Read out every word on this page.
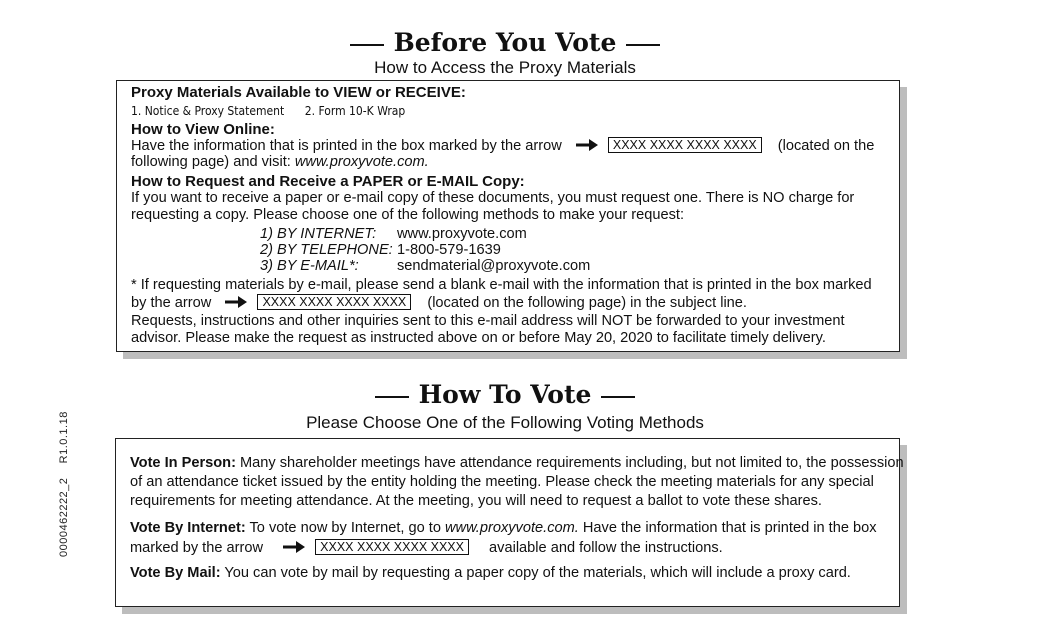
Before You Vote
How to Access the Proxy Materials
Proxy Materials Available to VIEW or RECEIVE:
1. Notice & Proxy Statement      2. Form 10-K Wrap
How to View Online:
Have the information that is printed in the box marked by the arrow	XXXX XXXX XXXX XXXX (located on the
following page) and visit: www.proxyvote.com.
How to Request and Receive a PAPER or E-MAIL Copy:
If you want to receive a paper or e-mail copy of these documents, you must request one. There is NO charge for
requesting a copy. Please choose one of the following methods to make your request:
1) BY INTERNET: www.proxyvote.com
2) BY TELEPHONE: 1-800-579-1639
3) BY E-MAIL*:	sendmaterial@proxyvote.com
* If requesting materials by e-mail, please send a blank e-mail with the information that is printed in the box marked
by the arrow	XXXX XXXX XXXX XXXX (located on the following page) in the subject line.
Requests, instructions and other inquiries sent to this e-mail address will NOT be forwarded to your investment
advisor. Please make the request as instructed above on or before May 20, 2020 to facilitate timely delivery.
How To Vote
Please Choose One of the Following Voting Methods
Vote In Person: Many shareholder meetings have attendance requirements including, but not limited to, the possession
of an attendance ticket issued by the entity holding the meeting. Please check the meeting materials for any special
requirements for meeting attendance. At the meeting, you will need to request a ballot to vote these shares.
Vote By Internet: To vote now by Internet, go to www.proxyvote.com. Have the information that is printed in the box
marked by the arrow	XXXX XXXX XXXX XXXX available and follow the instructions.
Vote By Mail: You can vote by mail by requesting a paper copy of the materials, which will include a proxy card.
0000462222_2    R1.0.1.18
